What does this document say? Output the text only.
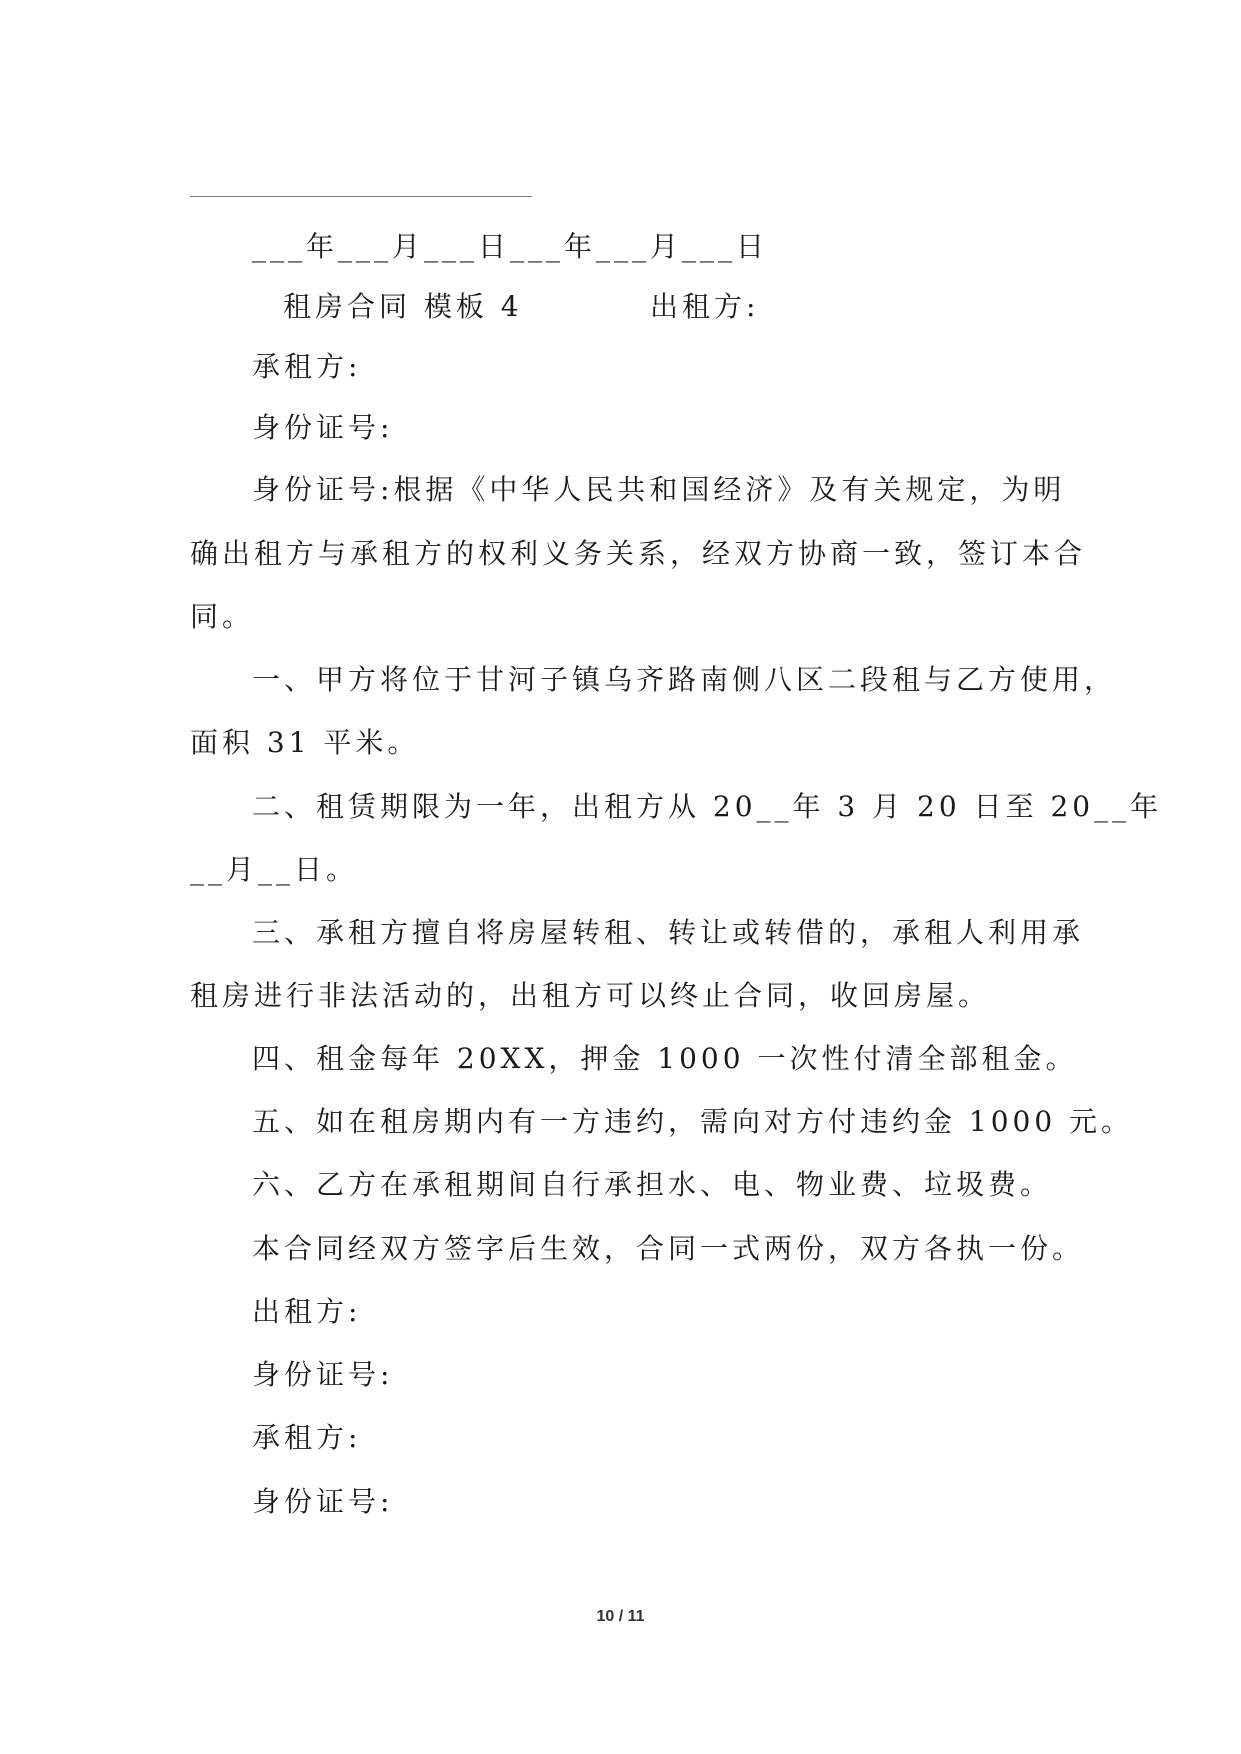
___年___月___日___年___月___日
租房合同 模板 4	出租方:
承租方:
身份证号:
身份证号:根据《中华人民共和国经济》及有关规定，为明
确出租方与承租方的权利义务关系，经双方协商一致，签订本合
同。
一、甲方将位于甘河子镇乌齐路南侧八区二段租与乙方使用，
面积 31 平米。
二、租赁期限为一年，出租方从 20__年 3 月 20 日至 20__年
__月__日。
三、承租方擅自将房屋转租、转让或转借的，承租人利用承
租房进行非法活动的，出租方可以终止合同，收回房屋。
四、租金每年 20XX，押金 1000 一次性付清全部租金。
五、如在租房期内有一方违约，需向对方付违约金 1000 元。
六、乙方在承租期间自行承担水、电、物业费、垃圾费。
本合同经双方签字后生效，合同一式两份，双方各执一份。
出租方:
身份证号:
承租方:
身份证号:
10 / 11
